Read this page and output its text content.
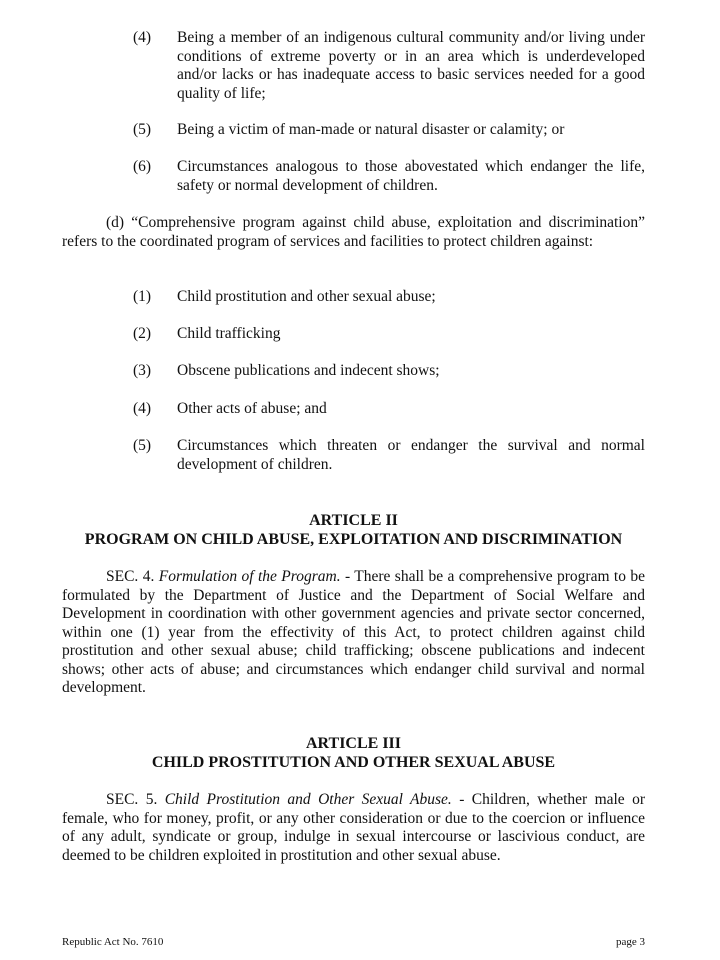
(4) Being a member of an indigenous cultural community and/or living under conditions of extreme poverty or in an area which is underdeveloped and/or lacks or has inadequate access to basic services needed for a good quality of life;
(5) Being a victim of man-made or natural disaster or calamity; or
(6) Circumstances analogous to those abovestated which endanger the life, safety or normal development of children.
(d) “Comprehensive program against child abuse, exploitation and discrimination” refers to the coordinated program of services and facilities to protect children against:
(1) Child prostitution and other sexual abuse;
(2) Child trafficking
(3) Obscene publications and indecent shows;
(4) Other acts of abuse; and
(5) Circumstances which threaten or endanger the survival and normal development of children.
ARTICLE II
PROGRAM ON CHILD ABUSE, EXPLOITATION AND DISCRIMINATION
SEC. 4. Formulation of the Program. - There shall be a comprehensive program to be formulated by the Department of Justice and the Department of Social Welfare and Development in coordination with other government agencies and private sector concerned, within one (1) year from the effectivity of this Act, to protect children against child prostitution and other sexual abuse; child trafficking; obscene publications and indecent shows; other acts of abuse; and circumstances which endanger child survival and normal development.
ARTICLE III
CHILD PROSTITUTION AND OTHER SEXUAL ABUSE
SEC. 5. Child Prostitution and Other Sexual Abuse. - Children, whether male or female, who for money, profit, or any other consideration or due to the coercion or influence of any adult, syndicate or group, indulge in sexual intercourse or lascivious conduct, are deemed to be children exploited in prostitution and other sexual abuse.
Republic Act No. 7610	page 3
